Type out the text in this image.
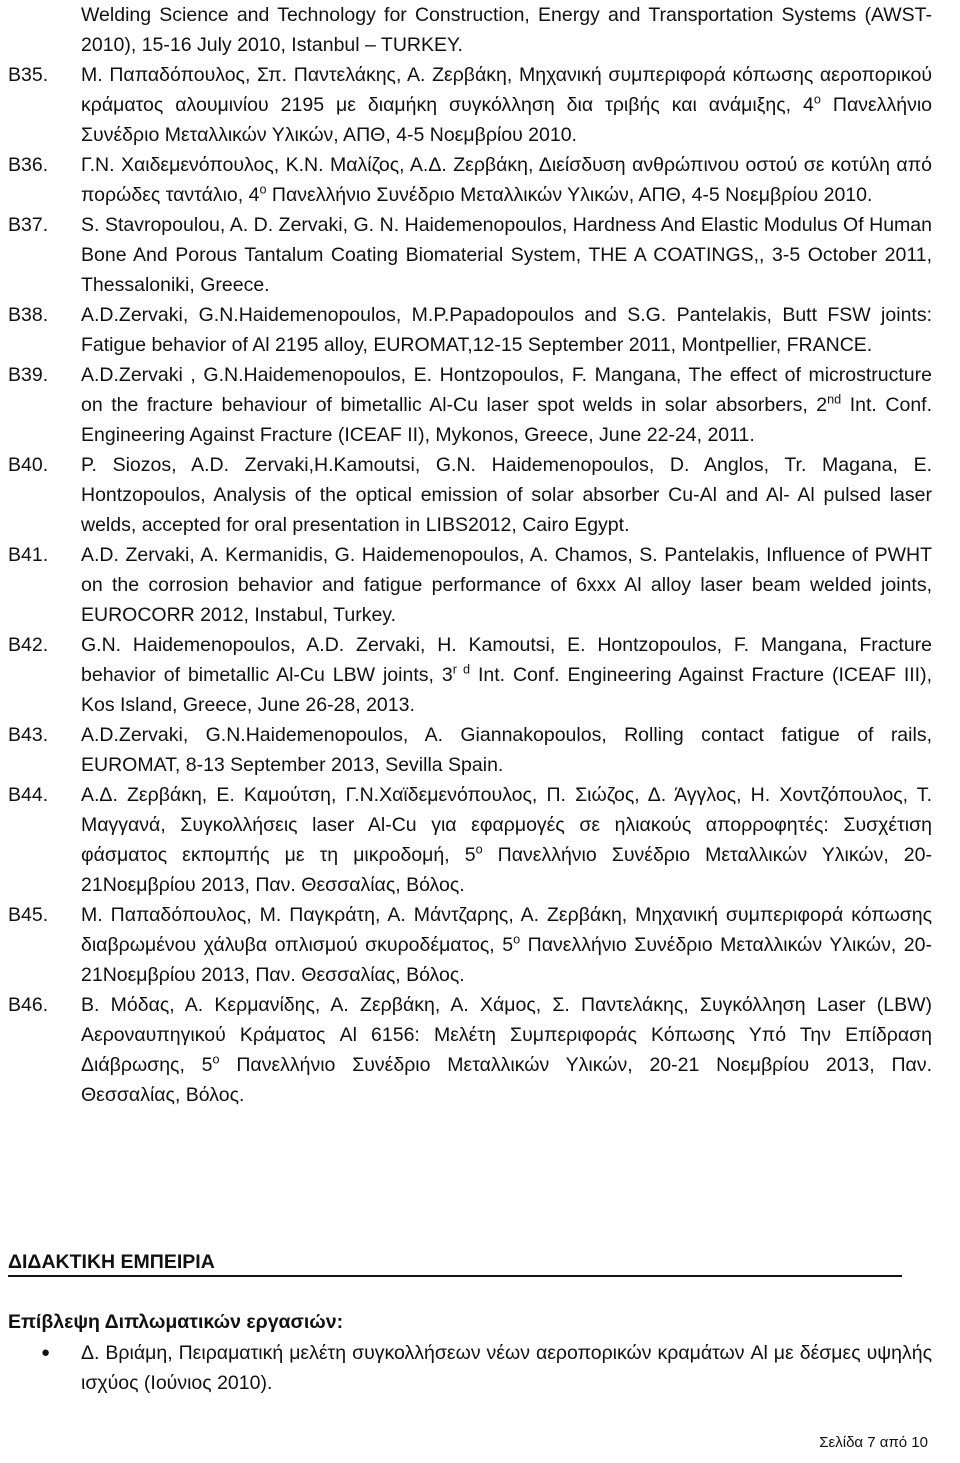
Welding Science and Technology for Construction, Energy and Transportation Systems (AWST-2010), 15-16 July 2010, Istanbul – TURKEY.
B35.	Μ. Παπαδόπουλος, Σπ. Παντελάκης, Α. Ζερβάκη, Μηχανική συμπεριφορά κόπωσης αεροπορικού κράματος αλουμινίου 2195 με διαμήκη συγκόλληση δια τριβής και ανάμιξης, $4^o$ Πανελλήνιο Συνέδριο Μεταλλικών Υλικών, ΑΠΘ, 4-5 Νοεμβρίου 2010.
B36.	Γ.Ν. Χαιδεμενόπουλος, Κ.Ν. Μαλίζος, Α.Δ. Ζερβάκη, Διείσδυση ανθρώπινου οστού σε κοτύλη από πορώδες ταντάλιο, $4^o$ Πανελλήνιο Συνέδριο Μεταλλικών Υλικών, ΑΠΘ, 4-5 Νοεμβρίου 2010.
B37.	S. Stavropoulou, A. D. Zervaki, G. N. Haidemenopoulos, Hardness And Elastic Modulus Of Human Bone And Porous Tantalum Coating Biomaterial System, THE A COATINGS,, 3-5 October 2011, Thessaloniki, Greece.
B38.	A.D.Zervaki, G.N.Haidemenopoulos, M.P.Papadopoulos and S.G. Pantelakis, Butt FSW joints: Fatigue behavior of Al 2195 alloy, EUROMAT,12-15 September 2011, Montpellier, FRANCE.
B39.	A.D.Zervaki , G.N.Haidemenopoulos, E. Hontzopoulos, F. Mangana, The effect of microstructure on the fracture behaviour of bimetallic Al-Cu laser spot welds in solar absorbers, 2nd Int. Conf. Engineering Against Fracture (ICEAF II), Mykonos, Greece, June 22-24, 2011.
B40.	P. Siozos, A.D. Zervaki,H.Kamoutsi, G.N. Haidemenopoulos, D. Anglos, Tr. Magana, E. Hontzopoulos, Analysis of the optical emission of solar absorber Cu-Al and Al- Al pulsed laser welds, accepted for oral presentation in LIBS2012, Cairo Egypt.
B41.	A.D. Zervaki, A. Kermanidis, G. Haidemenopoulos, A. Chamos, S. Pantelakis, Influence of PWHT on the corrosion behavior and fatigue performance of 6xxx Al alloy laser beam welded joints, EUROCORR 2012, Instabul, Turkey.
B42.	G.N. Haidemenopoulos, A.D. Zervaki, H. Kamoutsi, E. Hontzopoulos, F. Mangana, Fracture behavior of bimetallic Al-Cu LBW joints, $3^{r d}$ Int. Conf. Engineering Against Fracture (ICEAF III), Kos Island, Greece, June 26-28, 2013.
B43.	A.D.Zervaki, G.N.Haidemenopoulos, A. Giannakopoulos, Rolling contact fatigue of rails, EUROMAT, 8-13 September 2013, Sevilla Spain.
B44.	Α.Δ. Ζερβάκη, Ε. Καμούτση, Γ.Ν.Χαϊδεμενόπουλος, Π. Σιώζος, Δ. Άγγλος, Η. Χοντζόπουλος, Τ. Μαγγανά, Συγκολλήσεις laser Al-Cu για εφαρμογές σε ηλιακούς απορροφητές: Συσχέτιση φάσματος εκπομπής με τη μικροδομή, $5^o$ Πανελλήνιο Συνέδριο Μεταλλικών Υλικών, 20-21Νοεμβρίου 2013, Παν. Θεσσαλίας, Βόλος.
B45.	Μ. Παπαδόπουλος, Μ. Παγκράτη, Α. Μάντζαρης, Α. Ζερβάκη, Μηχανική συμπεριφορά κόπωσης διαβρωμένου χάλυβα οπλισμού σκυροδέματος, $5^o$ Πανελλήνιο Συνέδριο Μεταλλικών Υλικών, 20-21Νοεμβρίου 2013, Παν. Θεσσαλίας, Βόλος.
B46.	Β. Μόδας, Α. Κερμανίδης, Α. Ζερβάκη, Α. Χάμος, Σ. Παντελάκης, Συγκόλληση Laser (LBW) Αεροναυπηγικού Κράματος Al 6156: Μελέτη Συμπεριφοράς Κόπωσης Υπό Την Επίδραση Διάβρωσης, $5^o$ Πανελλήνιο Συνέδριο Μεταλλικών Υλικών, 20-21 Νοεμβρίου 2013, Παν. Θεσσαλίας, Βόλος.
ΔΙΔΑΚΤΙΚΗ ΕΜΠΕΙΡΙΑ
Επίβλεψη Διπλωματικών εργασιών:
●	Δ. Βριάμη, Πειραματική μελέτη συγκολλήσεων νέων αεροπορικών κραμάτων Al με δέσμες υψηλής ισχύος (Ιούνιος 2010).
Σελίδα 7 από 10
